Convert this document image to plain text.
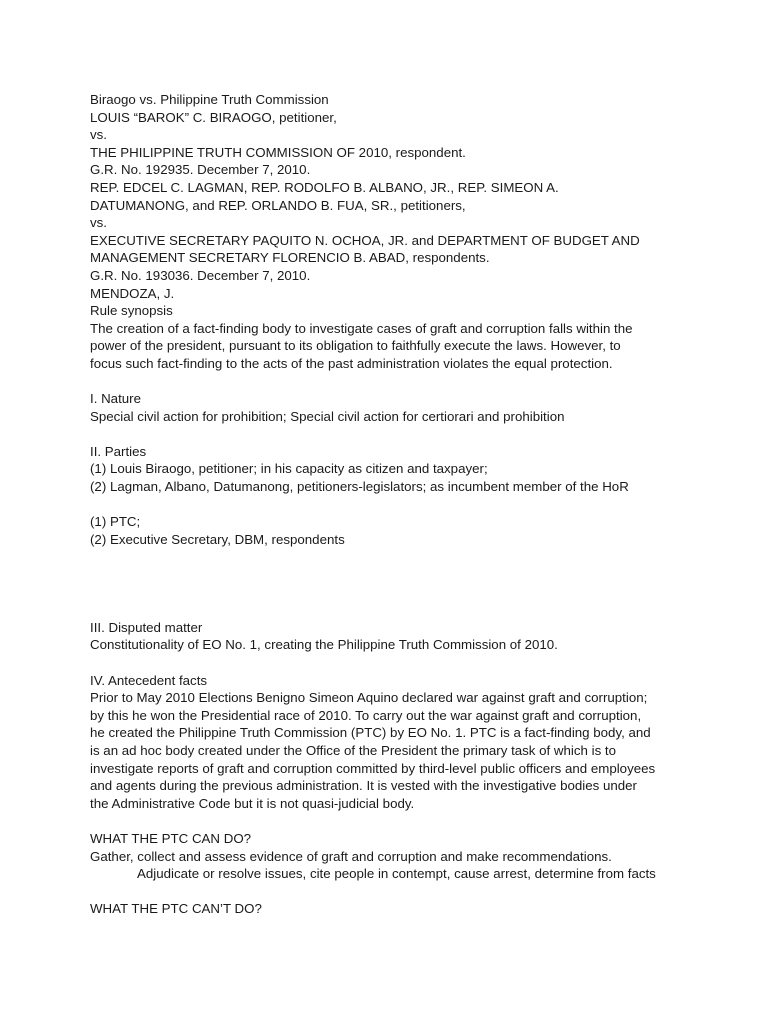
Biraogo vs. Philippine Truth Commission

LOUIS “BAROK” C. BIRAOGO, petitioner,

vs.

THE PHILIPPINE TRUTH COMMISSION OF 2010, respondent.

G.R. No. 192935. December 7, 2010.

REP. EDCEL C. LAGMAN, REP. RODOLFO B. ALBANO, JR., REP. SIMEON A.

DATUMANONG, and REP. ORLANDO B. FUA, SR., petitioners,

vs.

EXECUTIVE SECRETARY PAQUITO N. OCHOA, JR. and DEPARTMENT OF BUDGET AND

MANAGEMENT SECRETARY FLORENCIO B. ABAD, respondents.

G.R. No. 193036. December 7, 2010.

MENDOZA, J.

Rule synopsis

The creation of a fact-finding body to investigate cases of graft and corruption falls within the

power of the president, pursuant to its obligation to faithfully execute the laws. However, to

focus such fact-finding to the acts of the past administration violates the equal protection.

I. Nature

Special civil action for prohibition; Special civil action for certiorari and prohibition

II. Parties

(1) Louis Biraogo, petitioner; in his capacity as citizen and taxpayer;

(2) Lagman, Albano, Datumanong, petitioners-legislators; as incumbent member of the HoR

(1) PTC;

(2) Executive Secretary, DBM, respondents

III. Disputed matter

Constitutionality of EO No. 1, creating the Philippine Truth Commission of 2010.

IV. Antecedent facts

Prior to May 2010 Elections Benigno Simeon Aquino declared war against graft and corruption;

by this he won the Presidential race of 2010. To carry out the war against graft and corruption,

he created the Philippine Truth Commission (PTC) by EO No. 1. PTC is a fact-finding body, and

is an ad hoc body created under the Office of the President the primary task of which is to

investigate reports of graft and corruption committed by third-level public officers and employees

and agents during the previous administration. It is vested with the investigative bodies under

the Administrative Code but it is not quasi-judicial body.

WHAT THE PTC CAN DO?

Gather, collect and assess evidence of graft and corruption and make recommendations.

Adjudicate or resolve issues, cite people in contempt, cause arrest, determine from facts

WHAT THE PTC CAN’T DO?
